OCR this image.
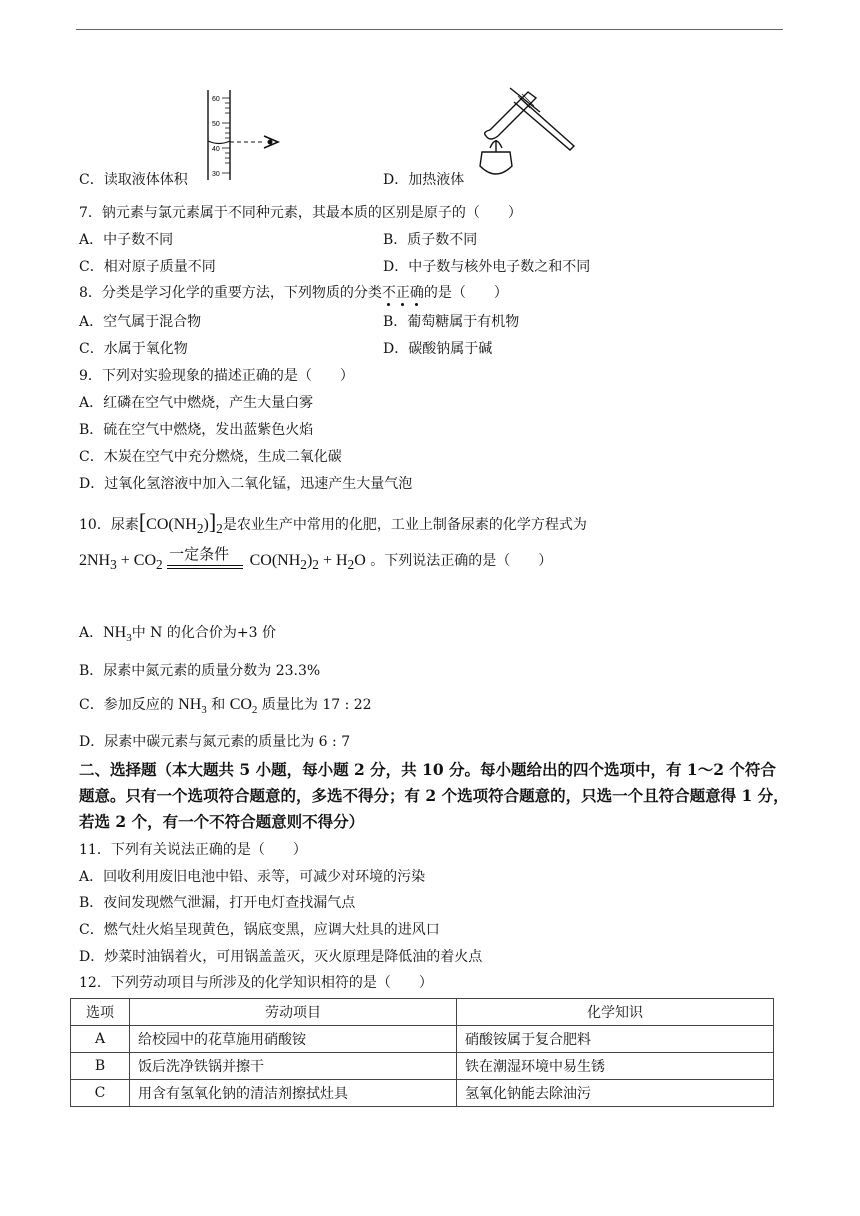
60
50
40
30
C．读取液体体积	D．加热液体
7．钠元素与氯元素属于不同种元素，其最本质的区别是原子的（　　）
A．中子数不同	B．质子数不同
C．相对原子质量不同	D．中子数与核外电子数之和不同
8．分类是学习化学的重要方法，下列物质的分类不正确的是（　　）
A．空气属于混合物	B．葡萄糖属于有机物
C．水属于氧化物	D．碳酸钠属于碱
9．下列对实验现象的描述正确的是（　　）
A．红磷在空气中燃烧，产生大量白雾
B．硫在空气中燃烧，发出蓝紫色火焰
C．木炭在空气中充分燃烧，生成二氧化碳
D．过氧化氢溶液中加入二氧化锰，迅速产生大量气泡
10．尿素$[CO(NH_2)]_2$是农业生产中常用的化肥，工业上制备尿素的化学方程式为
$2NH_3 + CO_2$
一定条件 $CO(NH_2)_2 + H_2O$ 。下列说法正确的是（　　）
A．$NH_3$中 N 的化合价为+3 价
B．尿素中氮元素的质量分数为 23.3%
C．参加反应的 $NH_3$ 和 $CO_2$ 质量比为 17 : 22
D．尿素中碳元素与氮元素的质量比为 6 : 7
二、选择题（本大题共 5 小题，每小题 2 分，共 10 分。每小题给出的四个选项中，有 1～2 个符合题意。只有一个选项符合题意的，多选不得分；有 2 个选项符合题意的，只选一个且符合题意得 1 分，若选 2 个，有一个不符合题意则不得分）
11．下列有关说法正确的是（　　）
A．回收利用废旧电池中铅、汞等，可减少对环境的污染
B．夜间发现燃气泄漏，打开电灯查找漏气点
C．燃气灶火焰呈现黄色，锅底变黑，应调大灶具的进风口
D．炒菜时油锅着火，可用锅盖盖灭，灭火原理是降低油的着火点
12．下列劳动项目与所涉及的化学知识相符的是（　　）
选项	劳动项目	化学知识
A	给校园中的花草施用硝酸铵	硝酸铵属于复合肥料
B	饭后洗净铁锅并擦干	铁在潮湿环境中易生锈
C	用含有氢氧化钠的清洁剂擦拭灶具	氢氧化钠能去除油污
